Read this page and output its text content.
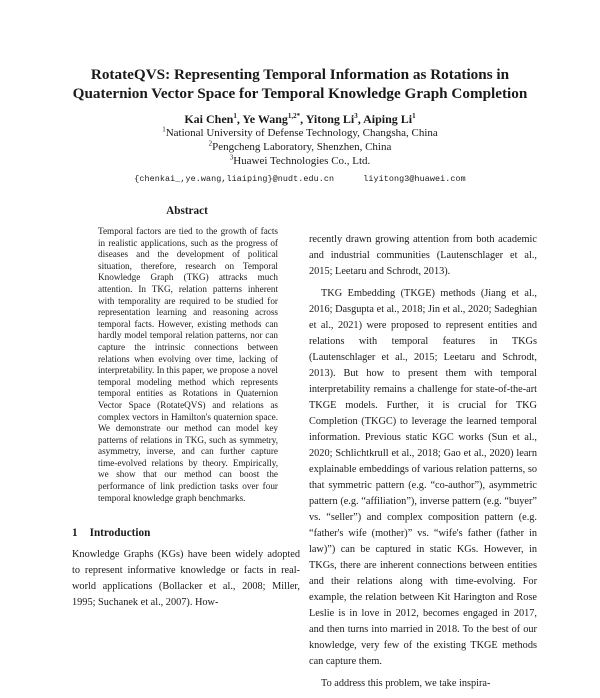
RotateQVS: Representing Temporal Information as Rotations in
Quaternion Vector Space for Temporal Knowledge Graph Completion
Kai Chen$^1$, Ye Wang$^{1,2*}$, Yitong Li$^3$, Aiping Li$^1$
$^1$National University of Defense Technology, Changsha, China
$^2$Pengcheng Laboratory, Shenzhen, China
$^3$Huawei Technologies Co., Ltd.
{chenkai_,ye.wang,liaiping}@nudt.edu.cn	liyitong3@huawei.com
Abstract
Temporal factors are tied to the growth of facts in realistic applications, such as the progress of diseases and the development of political situation, therefore, research on Temporal Knowledge Graph (TKG) attracks much attention. In TKG, relation patterns inherent with temporality are required to be studied for representation learning and reasoning across temporal facts. However, existing methods can hardly model temporal relation patterns, nor can capture the intrinsic connections between relations when evolving over time, lacking of interpretability. In this paper, we propose a novel temporal modeling method which represents temporal entities as Rotations in Quaternion Vector Space (RotateQVS) and relations as complex vectors in Hamilton's quaternion space. We demonstrate our method can model key patterns of relations in TKG, such as symmetry, asymmetry, inverse, and can further capture time-evolved relations by theory. Empirically, we show that our method can boost the performance of link prediction tasks over four temporal knowledge graph benchmarks.
1 Introduction
Knowledge Graphs (KGs) have been widely adopted to represent informative knowledge or facts in real-world applications (Bollacker et al., 2008; Miller, 1995; Suchanek et al., 2007). How-

recently drawn growing attention from both academic and industrial communities (Lautenschlager et al., 2015; Leetaru and Schrodt, 2013).

TKG Embedding (TKGE) methods (Jiang et al., 2016; Dasgupta et al., 2018; Jin et al., 2020; Sadeghian et al., 2021) were proposed to represent entities and relations with temporal features in TKGs (Lautenschlager et al., 2015; Leetaru and Schrodt, 2013). But how to present them with temporal interpretability remains a challenge for state-of-the-art TKGE models. Further, it is crucial for TKG Completion (TKGC) to leverage the learned temporal information. Previous static KGC works (Sun et al., 2020; Schlichtkrull et al., 2018; Gao et al., 2020) learn explainable embeddings of various relation patterns, so that symmetric pattern (e.g. “co-author”), asymmetric pattern (e.g. “affiliation”), inverse pattern (e.g. “buyer” vs. “seller”) and complex composition pattern (e.g. “father's wife (mother)” vs. “wife's father (father in law)”) can be captured in static KGs. However, in TKGs, there are inherent connections between entities and their relations along with time-evolving. For example, the relation between Kit Harington and Rose Leslie is in love in 2012, becomes engaged in 2017, and then turns into married in 2018. To the best of our knowledge, very few of the existing TKGE methods can capture them.

To address this problem, we take inspira-
